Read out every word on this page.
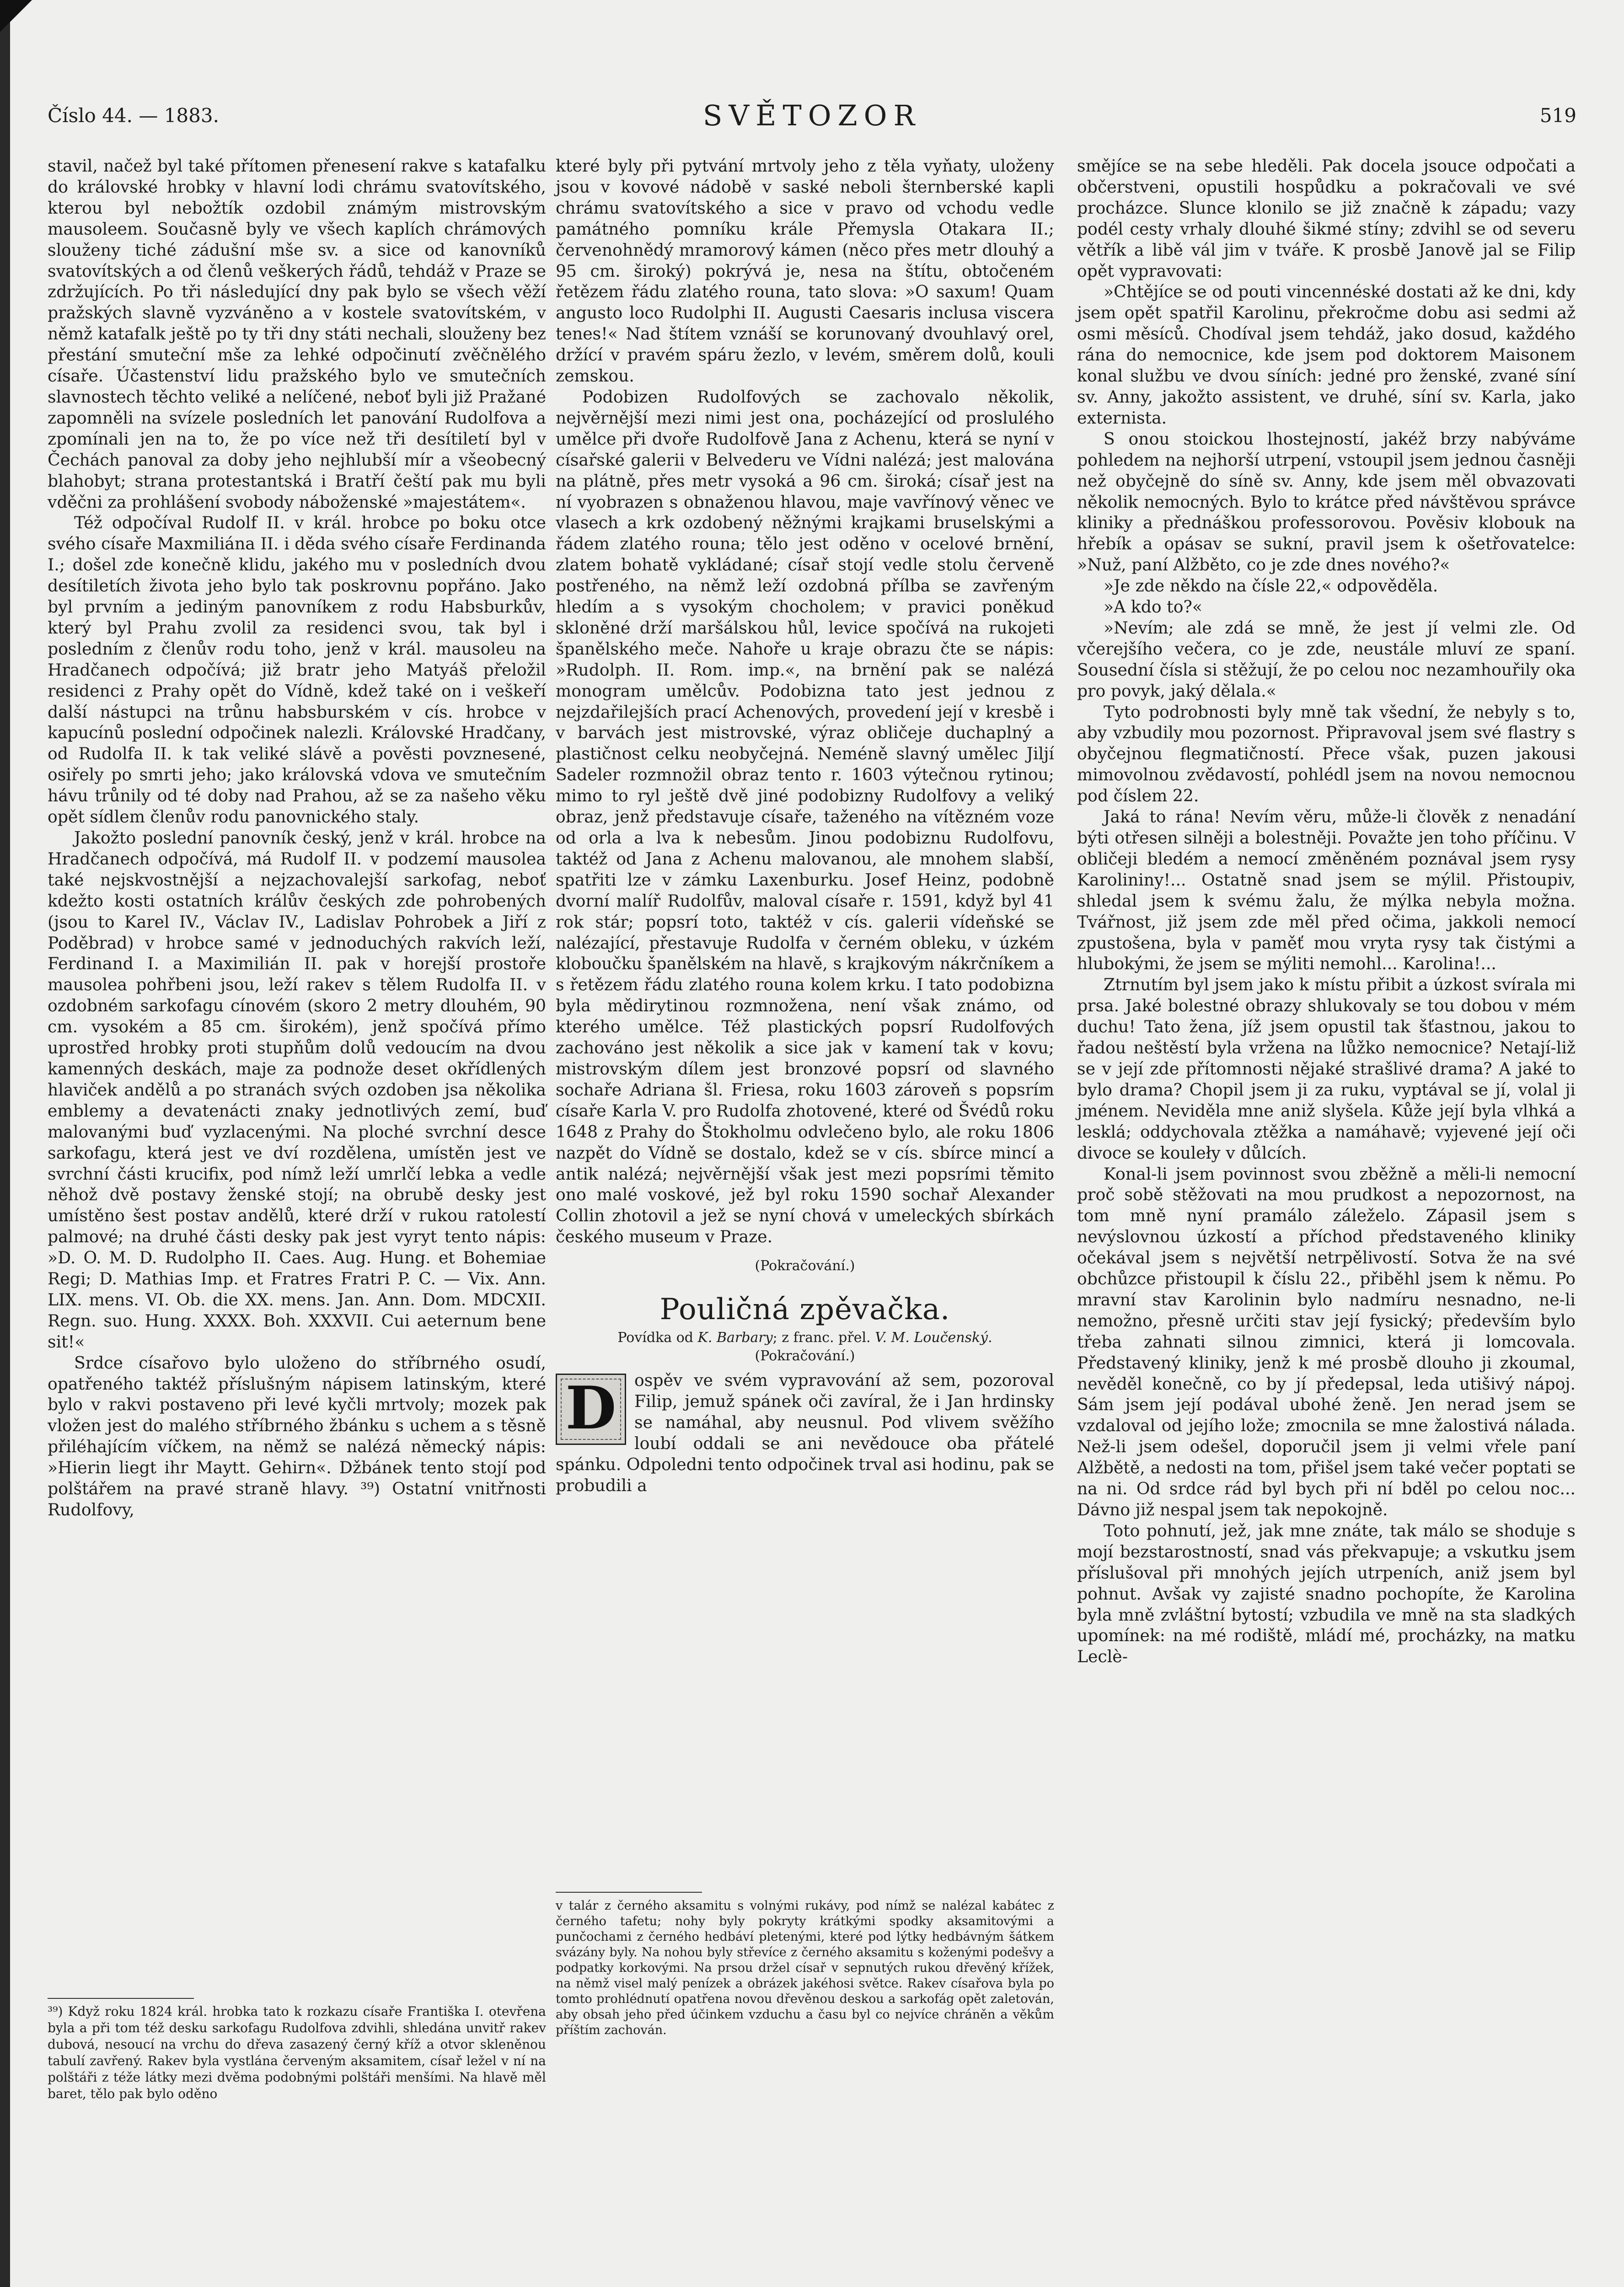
Číslo 44. — 1883.	SVĚTOZOR	519

stavil, načež byl také přítomen přenesení rakve s katafalku do královské hrobky v hlavní lodi chrámu svatovítského, kterou byl nebožtík ozdobil známým mistrovským mausoleem. Současně byly ve všech kaplích chrámových slouženy tiché zádušní mše sv. a sice od kanovníků svatovítských a od členů veškerých řádů, tehdáž v Praze se zdržujících. Po tři následující dny pak bylo se všech věží pražských slavně vyzváněno a v kostele svatovítském, v němž katafalk ještě po ty tři dny státi nechali, slouženy bez přestání smuteční mše za lehké odpočinutí zvěčnělého císaře. Účastenství lidu pražského bylo ve smutečních slavnostech těchto veliké a nelíčené, neboť byli již Pražané zapomněli na svízele posledních let panování Rudolfova a zpomínali jen na to, že po více než tři desítiletí byl v Čechách panoval za doby jeho nejhlubší mír a všeobecný blahobyt; strana protestantská i Bratří čeští pak mu byli vděčni za prohlášení svobody náboženské »majestátem«.

Též odpočíval Rudolf II. v král. hrobce po boku otce svého císaře Maxmiliána II. i děda svého císaře Ferdinanda I.; došel zde konečně klidu, jakého mu v posledních dvou desítiletích života jeho bylo tak poskrovnu popřáno. Jako byl prvním a jediným panovníkem z rodu Habsburkův, který byl Prahu zvolil za residenci svou, tak byl i posledním z členův rodu toho, jenž v král. mausoleu na Hradčanech odpočívá; již bratr jeho Matyáš přeložil residenci z Prahy opět do Vídně, kdež také on i veškeří další nástupci na trůnu habsburském v cís. hrobce v kapucínů poslední odpočinek nalezli. Královské Hradčany, od Rudolfa II. k tak veliké slávě a pověsti povznesené, osiřely po smrti jeho; jako královská vdova ve smutečním hávu trůnily od té doby nad Prahou, až se za našeho věku opět sídlem členův rodu panovnického staly.

Jakožto poslední panovník český, jenž v král. hrobce na Hradčanech odpočívá, má Rudolf II. v podzemí mausolea také nejskvostnější a nejzachovalejší sarkofag, neboť kdežto kosti ostatních králův českých zde pohrobených (jsou to Karel IV., Václav IV., Ladislav Pohrobek a Jiří z Poděbrad) v hrobce samé v jednoduchých rakvích leží, Ferdinand I. a Maximilián II. pak v horejší prostoře mausolea pohřbeni jsou, leží rakev s tělem Rudolfa II. v ozdobném sarkofagu cínovém (skoro 2 metry dlouhém, 90 cm. vysokém a 85 cm. širokém), jenž spočívá přímo uprostřed hrobky proti stupňům dolů vedoucím na dvou kamenných deskách, maje za podnože deset okřídlených hlaviček andělů a po stranách svých ozdoben jsa několika emblemy a devatenácti znaky jednotlivých zemí, buď malovanými buď vyzlacenými. Na ploché svrchní desce sarkofagu, která jest ve dví rozdělena, umístěn jest ve svrchní části krucifix, pod nímž leží umrlčí lebka a vedle něhož dvě postavy ženské stojí; na obrubě desky jest umístěno šest postav andělů, které drží v rukou ratolestí palmové; na druhé části desky pak jest vyryt tento nápis: »D. O. M. D. Rudolpho II. Caes. Aug. Hung. et Bohemiae Regi; D. Mathias Imp. et Fratres Fratri P. C. — Vix. Ann. LIX. mens. VI. Ob. die XX. mens. Jan. Ann. Dom. MDCXII. Regn. suo. Hung. XXXX. Boh. XXXVII. Cui aeternum bene sit!«

Srdce císařovo bylo uloženo do stříbrného osudí, opatřeného taktéž příslušným nápisem latinským, které bylo v rakvi postaveno při levé kyčli mrtvoly; mozek pak vložen jest do malého stříbrného žbánku s uchem a s těsně přiléhajícím víčkem, na němž se nalézá německý nápis: »Hierin liegt ihr Maytt. Gehirn«. Džbánek tento stojí pod polštářem na pravé straně hlavy. ³⁹) Ostatní vnitřnosti Rudolfovy,

³⁹) Když roku 1824 král. hrobka tato k rozkazu císaře Františka I. otevřena byla a při tom též desku sarkofagu Rudolfova zdvihli, shledána unvitř rakev dubová, nesoucí na vrchu do dřeva zasazený černý kříž a otvor skleněnou tabulí zavřený. Rakev byla vystlána červeným aksamitem, císař ležel v ní na polštáři z téže látky mezi dvěma podobnými polštáři menšími. Na hlavě měl baret, tělo pak bylo oděno

které byly při pytvání mrtvoly jeho z těla vyňaty, uloženy jsou v kovové nádobě v saské neboli šternberské kapli chrámu svatovítského a sice v pravo od vchodu vedle památného pomníku krále Přemysla Otakara II.; červenohnědý mramorový kámen (něco přes metr dlouhý a 95 cm. široký) pokrývá je, nesa na štítu, obtočeném řetězem řádu zlatého rouna, tato slova: »O saxum! Quam angusto loco Rudolphi II. Augusti Caesaris inclusa viscera tenes!« Nad štítem vznáší se korunovaný dvouhlavý orel, držící v pravém spáru žezlo, v levém, směrem dolů, kouli zemskou.

Podobizen Rudolfových se zachovalo několik, nejvěrnější mezi nimi jest ona, pocházející od proslulého umělce při dvoře Rudolfově Jana z Achenu, která se nyní v císařské galerii v Belvederu ve Vídni nalézá; jest malována na plátně, přes metr vysoká a 96 cm. široká; císař jest na ní vyobrazen s obnaženou hlavou, maje vavřínový věnec ve vlasech a krk ozdobený něžnými krajkami bruselskými a řádem zlatého rouna; tělo jest oděno v ocelové brnění, zlatem bohatě vykládané; císař stojí vedle stolu červeně postřeného, na němž leží ozdobná přílba se zavřeným hledím a s vysokým chocholem; v pravici poněkud skloněné drží maršálskou hůl, levice spočívá na rukojeti španělského meče. Nahoře u kraje obrazu čte se nápis: »Rudolph. II. Rom. imp.«, na brnění pak se nalézá monogram umělcův. Podobizna tato jest jednou z nejzdařilejších prací Achenových, provedení její v kresbě i v barvách jest mistrovské, výraz obličeje duchaplný a plastičnost celku neobyčejná. Neméně slavný umělec Jiljí Sadeler rozmnožil obraz tento r. 1603 výtečnou rytinou; mimo to ryl ještě dvě jiné podobizny Rudolfovy a veliký obraz, jenž představuje císaře, taženého na vítězném voze od orla a lva k nebesům. Jinou podobiznu Rudolfovu, taktéž od Jana z Achenu malovanou, ale mnohem slabší, spatřiti lze v zámku Laxenburku. Josef Heinz, podobně dvorní malíř Rudolfův, maloval císaře r. 1591, když byl 41 rok stár; popsrí toto, taktéž v cís. galerii vídeňské se nalézající, přestavuje Rudolfa v černém obleku, v úzkém kloboučku španělském na hlavě, s krajkovým nákrčníkem a s řetězem řádu zlatého rouna kolem krku. I tato podobizna byla mědirytinou rozmnožena, není však známo, od kterého umělce. Též plastických popsrí Rudolfových zachováno jest několik a sice jak v kamení tak v kovu; mistrovským dílem jest bronzové popsrí od slavného sochaře Adriana šl. Friesa, roku 1603 zároveň s popsrím císaře Karla V. pro Rudolfa zhotovené, které od Švédů roku 1648 z Prahy do Štokholmu odvlečeno bylo, ale roku 1806 nazpět do Vídně se dostalo, kdež se v cís. sbírce mincí a antik nalézá; nejvěrnější však jest mezi popsrími těmito ono malé voskové, jež byl roku 1590 sochař Alexander Collin zhotovil a jež se nyní chová v umeleckých sbírkách českého museum v Praze.

(Pokračování.)

Pouličná zpěvačka.
Povídka od K. Barbary; z franc. přel. V. M. Loučenský.
(Pokračování.)

D	ospěv ve svém vypravování až sem, pozoroval Filip, jemuž spánek oči zavíral, že i Jan hrdinsky se namáhal, aby neusnul. Pod vlivem svěžího loubí oddali se ani nevědouce oba přátelé spánku. Odpoledni tento odpočinek trval asi hodinu, pak se probudili a

v talár z černého aksamitu s volnými rukávy, pod nímž se nalézal kabátec z černého tafetu; nohy byly pokryty krátkými spodky aksamitovými a punčochami z černého hedbáví pletenými, které pod lýtky hedbávným šátkem svázány byly. Na nohou byly střevíce z černého aksamitu s koženými podešvy a podpatky korkovými. Na prsou držel císař v sepnutých rukou dřevěný křížek, na němž visel malý penízek a obrázek jakéhosi světce. Rakev císařova byla po tomto prohlédnutí opatřena novou dřevěnou deskou a sarkofág opět zaletován, aby obsah jeho před účinkem vzduchu a času byl co nejvíce chráněn a věkům příštím zachován.

smějíce se na sebe hleděli. Pak docela jsouce odpočati a občerstveni, opustili hospůdku a pokračovali ve své procházce. Slunce klonilo se již značně k západu; vazy podél cesty vrhaly dlouhé šikmé stíny; zdvihl se od severu větřík a libě vál jim v tváře. K prosbě Janově jal se Filip opět vypravovati:

»Chtějíce se od pouti vincennéské dostati až ke dni, kdy jsem opět spatřil Karolinu, překročme dobu asi sedmi až osmi měsíců. Chodíval jsem tehdáž, jako dosud, každého rána do nemocnice, kde jsem pod doktorem Maisonem konal službu ve dvou síních: jedné pro ženské, zvané síní sv. Anny, jakožto assistent, ve druhé, síní sv. Karla, jako externista.

S onou stoickou lhostejností, jakéž brzy nabýváme pohledem na nejhorší utrpení, vstoupil jsem jednou časněji než obyčejně do síně sv. Anny, kde jsem měl obvazovati několik nemocných. Bylo to krátce před návštěvou správce kliniky a přednáškou professorovou. Pověsiv klobouk na hřebík a opásav se sukní, pravil jsem k ošetřovatelce: »Nuž, paní Alžběto, co je zde dnes nového?«

»Je zde někdo na čísle 22,« odpověděla.

»A kdo to?«

»Nevím; ale zdá se mně, že jest jí velmi zle. Od včerejšího večera, co je zde, neustále mluví ze spaní. Sousední čísla si stěžují, že po celou noc nezamhouřily oka pro povyk, jaký dělala.«

Tyto podrobnosti byly mně tak všední, že nebyly s to, aby vzbudily mou pozornost. Připravoval jsem své flastry s obyčejnou flegmatičností. Přece však, puzen jakousi mimovolnou zvědavostí, pohlédl jsem na novou nemocnou pod číslem 22.

Jaká to rána! Nevím věru, může-li člověk z nenadání býti otřesen silněji a bolestněji. Považte jen toho příčinu. V obličeji bledém a nemocí změněném poznával jsem rysy Karolininy!... Ostatně snad jsem se mýlil. Přistoupiv, shledal jsem k svému žalu, že mýlka nebyla možna. Tvářnost, již jsem zde měl před očima, jakkoli nemocí zpustošena, byla v paměť mou vryta rysy tak čistými a hlubokými, že jsem se mýliti nemohl... Karolina!...

Ztrnutím byl jsem jako k místu přibit a úzkost svírala mi prsa. Jaké bolestné obrazy shlukovaly se tou dobou v mém duchu! Tato žena, jíž jsem opustil tak šťastnou, jakou to řadou neštěstí byla vržena na lůžko nemocnice? Netají-liž se v její zde přítomnosti nějaké strašlivé drama? A jaké to bylo drama? Chopil jsem ji za ruku, vyptával se jí, volal ji jménem. Neviděla mne aniž slyšela. Kůže její byla vlhká a lesklá; oddychovala ztěžka a namáhavě; vyjevené její oči divoce se kouleły v důlcích.

Konal-li jsem povinnost svou zběžně a měli-li nemocní proč sobě stěžovati na mou prudkost a nepozornost, na tom mně nyní pramálo záleželo. Zápasil jsem s nevýslovnou úzkostí a příchod představeného kliniky očekával jsem s největší netrpělivostí. Sotva že na své obchůzce přistoupil k číslu 22., přiběhl jsem k němu. Po mravní stav Karolinin bylo nadmíru nesnadno, ne-li nemožno, přesně určiti stav její fysický; především bylo třeba zahnati silnou zimnici, která ji lomcovala. Představený kliniky, jenž k mé prosbě dlouho ji zkoumal, nevěděl konečně, co by jí předepsal, leda utišivý nápoj. Sám jsem její podával ubohé ženě. Jen nerad jsem se vzdaloval od jejího lože; zmocnila se mne žalostivá nálada. Než-li jsem odešel, doporučil jsem ji velmi vřele paní Alžbětě, a nedosti na tom, přišel jsem také večer poptati se na ni. Od srdce rád byl bych při ní bděl po celou noc... Dávno již nespal jsem tak nepokojně.

Toto pohnutí, jež, jak mne znáte, tak málo se shoduje s mojí bezstarostností, snad vás překvapuje; a vskutku jsem příslušoval při mnohých jejích utrpeních, aniž jsem byl pohnut. Avšak vy zajisté snadno pochopíte, že Karolina byla mně zvláštní bytostí; vzbudila ve mně na sta sladkých upomínek: na mé rodiště, mládí mé, procházky, na matku Leclè-
